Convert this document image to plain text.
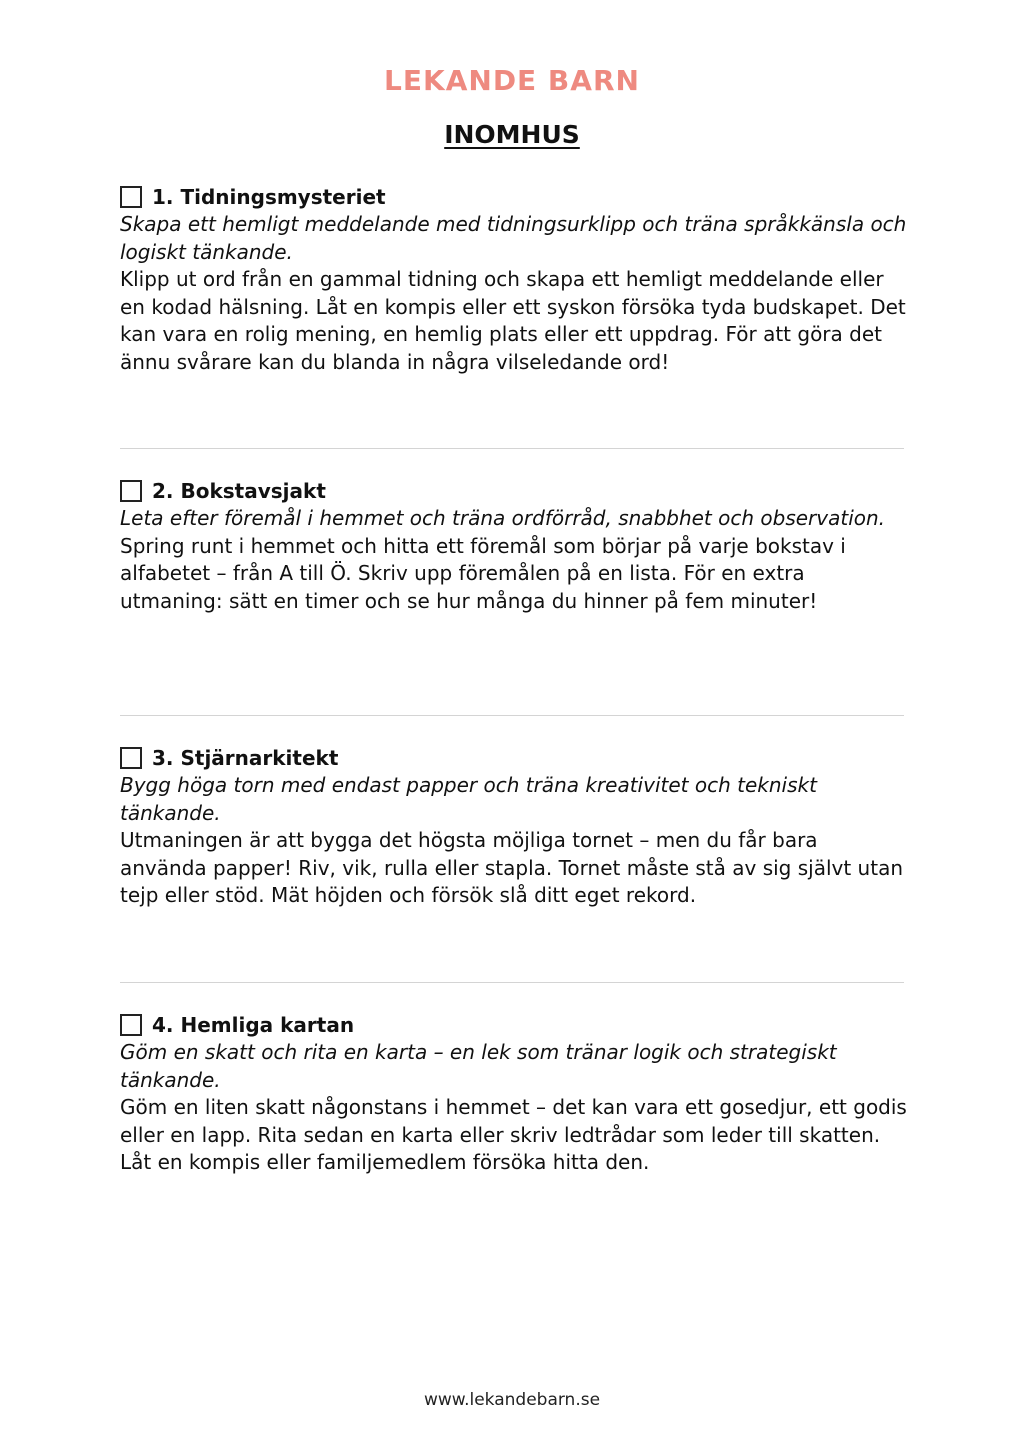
LEKANDE BARN
INOMHUS
1. Tidningsmysteriet

Skapa ett hemligt meddelande med tidningsurklipp och träna språkkänsla och logiskt tänkande.

Klipp ut ord från en gammal tidning och skapa ett hemligt meddelande eller en kodad hälsning. Låt en kompis eller ett syskon försöka tyda budskapet. Det kan vara en rolig mening, en hemlig plats eller ett uppdrag. För att göra det ännu svårare kan du blanda in några vilseledande ord!

2. Bokstavsjakt

Leta efter föremål i hemmet och träna ordförråd, snabbhet och observation.

Spring runt i hemmet och hitta ett föremål som börjar på varje bokstav i alfabetet – från A till Ö. Skriv upp föremålen på en lista. För en extra utmaning: sätt en timer och se hur många du hinner på fem minuter!

3. Stjärnarkitekt

Bygg höga torn med endast papper och träna kreativitet och tekniskt tänkande.

Utmaningen är att bygga det högsta möjliga tornet – men du får bara använda papper! Riv, vik, rulla eller stapla. Tornet måste stå av sig självt utan tejp eller stöd. Mät höjden och försök slå ditt eget rekord.

4. Hemliga kartan

Göm en skatt och rita en karta – en lek som tränar logik och strategiskt tänkande.

Göm en liten skatt någonstans i hemmet – det kan vara ett gosedjur, ett godis eller en lapp. Rita sedan en karta eller skriv ledtrådar som leder till skatten. Låt en kompis eller familjemedlem försöka hitta den.

www.lekandebarn.se
